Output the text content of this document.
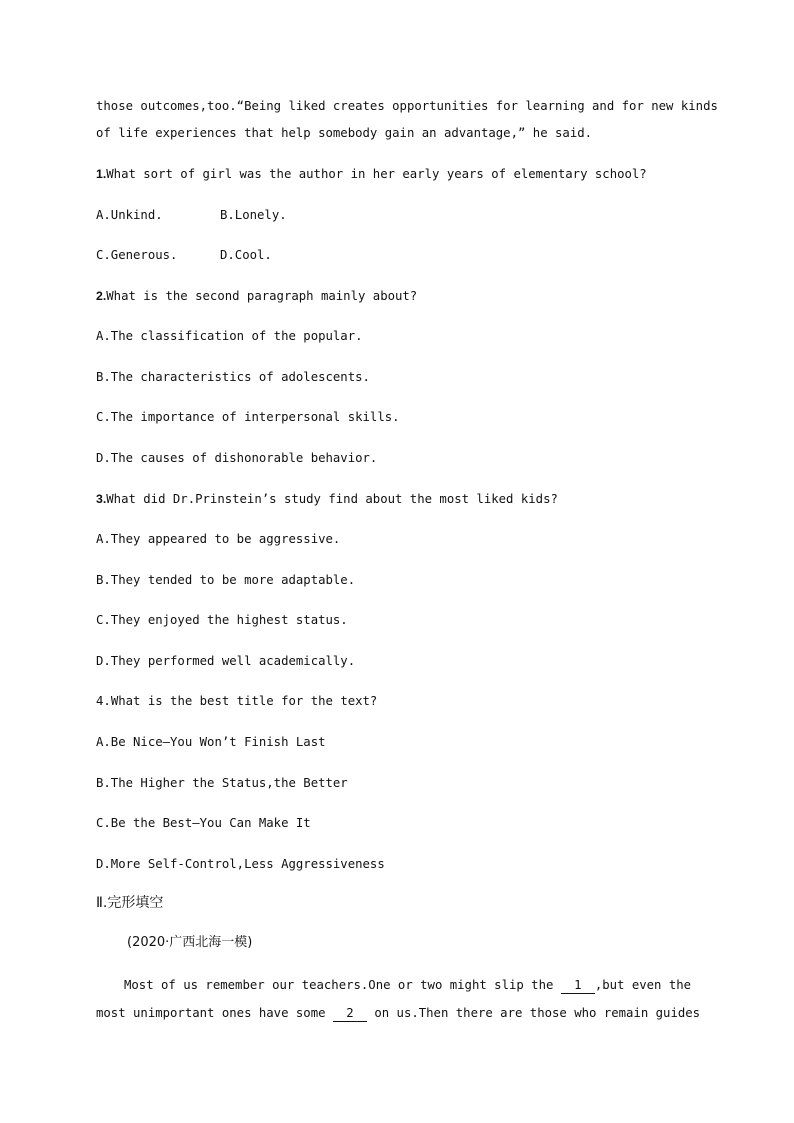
those outcomes,too.“Being liked creates opportunities for learning and for new kinds
of life experiences that help somebody gain an advantage,” he said.
1.What sort of girl was the author in her early years of elementary school?
A.Unkind.	B.Lonely.
C.Generous.	D.Cool.
2.What is the second paragraph mainly about?
A.The classification of the popular.
B.The characteristics of adolescents.
C.The importance of interpersonal skills.
D.The causes of dishonorable behavior.
3.What did Dr.Prinstein’s study find about the most liked kids?
A.They appeared to be aggressive.
B.They tended to be more adaptable.
C.They enjoyed the highest status.
D.They performed well academically.
4.What is the best title for the text?
A.Be Nice—You Won’t Finish Last
B.The Higher the Status,the Better
C.Be the Best—You Can Make It
D.More Self-Control,Less Aggressiveness
Ⅱ.完形填空
(2020·广西北海一模)
Most of us remember our teachers.One or two might slip the 1 ,but even the
most unimportant ones have some 2 on us.Then there are those who remain guides
